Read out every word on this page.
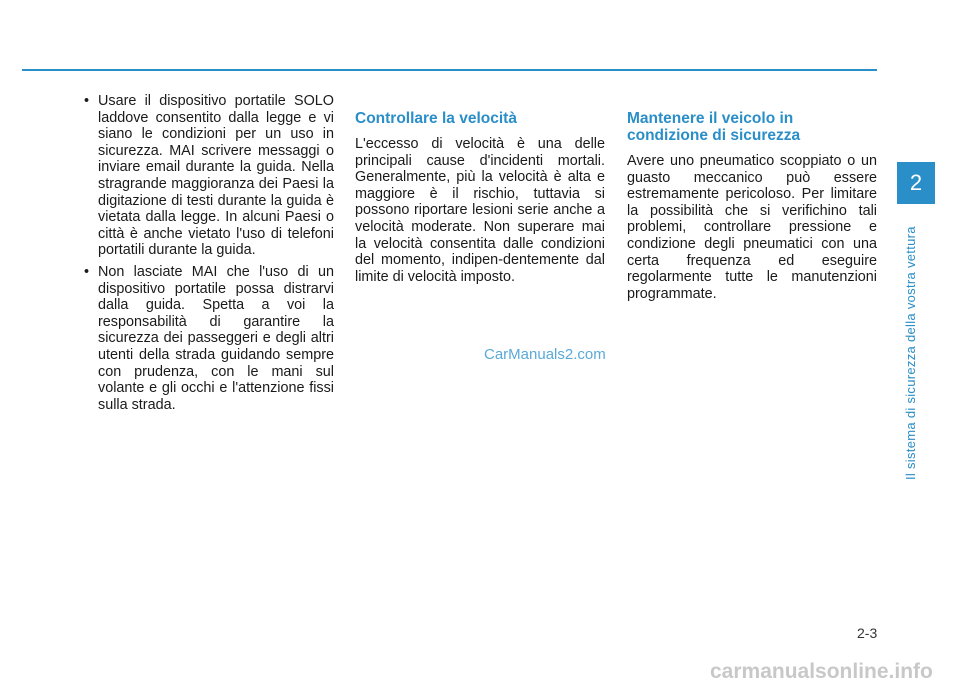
• Usare il dispositivo portatile SOLO laddove consentito dalla legge e vi siano le condizioni per un uso in sicurezza. MAI scrivere messaggi o inviare email durante la guida. Nella stragrande maggioranza dei Paesi la digitazione di testi durante la guida è vietata dalla legge. In alcuni Paesi o città è anche vietato l'uso di telefoni portatili durante la guida.
• Non lasciate MAI che l'uso di un dispositivo portatile possa distrarvi dalla guida. Spetta a voi la responsabilità di garantire la sicurezza dei passeggeri e degli altri utenti della strada guidando sempre con prudenza, con le mani sul volante e gli occhi e l'attenzione fissi sulla strada.
Controllare la velocità

L'eccesso di velocità è una delle principali cause d'incidenti mortali. Generalmente, più la velocità è alta e maggiore è il rischio, tuttavia si possono riportare lesioni serie anche a velocità moderate. Non superare mai la velocità consentita dalle condizioni del momento, indipen-dentemente dal limite di velocità imposto.

Mantenere il veicolo in condizione di sicurezza

Avere uno pneumatico scoppiato o un guasto meccanico può essere estremamente pericoloso. Per limitare la possibilità che si verifichino tali problemi, controllare pressione e condizione degli pneumatici con una certa frequenza ed eseguire regolarmente tutte le manutenzioni programmate.

CarManuals2.com
2
Il sistema di sicurezza della vostra vettura
2-3
carmanualsonline.info
